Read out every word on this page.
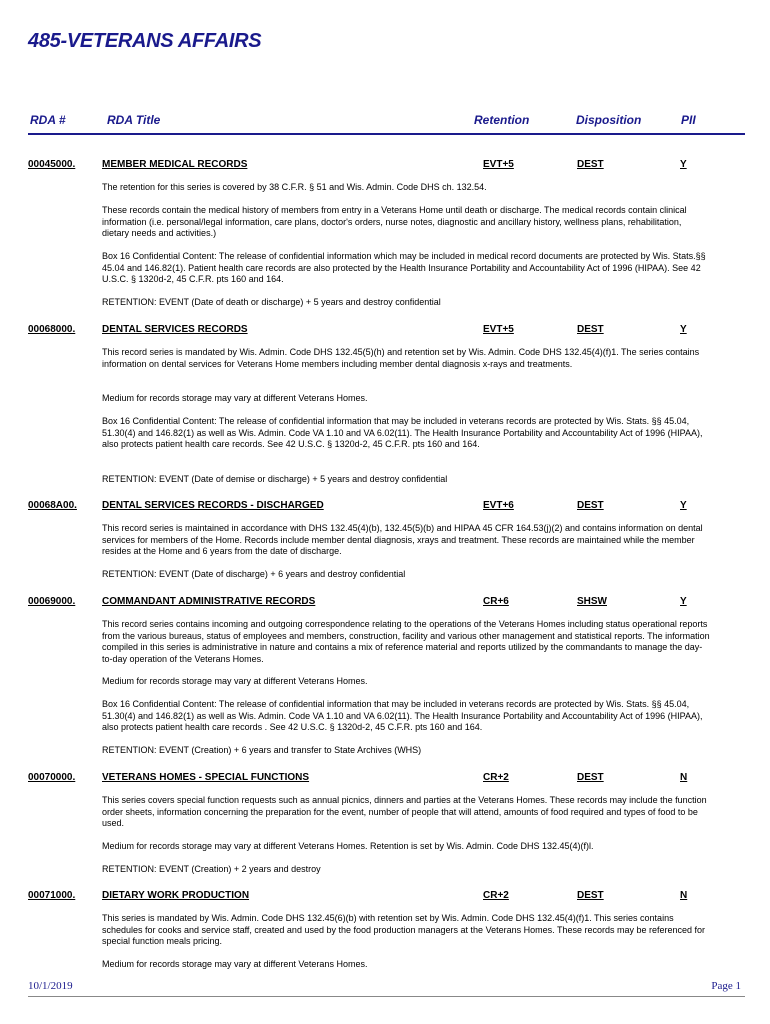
485-VETERANS AFFAIRS
RDA #	RDA Title	Retention	Disposition	PII
00045000.	MEMBER MEDICAL RECORDS	EVT+5	DEST	Y
The retention for this series is covered by 38 C.F.R. § 51 and Wis. Admin. Code DHS ch. 132.54.
These records contain the medical history of members from entry in a Veterans Home until death or discharge. The medical records contain clinical information (i.e. personal/legal information, care plans, doctor's orders, nurse notes, diagnostic and ancillary history, wellness plans, rehabilitation, dietary needs and activities.)
Box 16 Confidential Content: The release of confidential information which may be included in medical record documents are protected by Wis. Stats.§§ 45.04 and 146.82(1). Patient health care records are also protected by the Health Insurance Portability and Accountability Act of 1996 (HIPAA). See 42 U.S.C. § 1320d-2, 45 C.F.R. pts 160 and 164.
RETENTION: EVENT (Date of death or discharge) + 5 years and destroy confidential
00068000.	DENTAL SERVICES RECORDS	EVT+5	DEST	Y
This record series is mandated by Wis. Admin. Code DHS 132.45(5)(h) and retention set by Wis. Admin. Code DHS 132.45(4)(f)1. The series contains information on dental services for Veterans Home members including member dental diagnosis x-rays and treatments.
Medium for records storage may vary at different Veterans Homes.
Box 16 Confidential Content: The release of confidential information that may be included in veterans records are protected by Wis. Stats. §§ 45.04, 51.30(4) and 146.82(1) as well as Wis. Admin. Code VA 1.10 and VA 6.02(11). The Health Insurance Portability and Accountability Act of 1996 (HIPAA), also protects patient health care records. See 42 U.S.C. § 1320d-2, 45 C.F.R. pts 160 and 164.
RETENTION: EVENT (Date of demise or discharge) + 5 years and destroy confidential
00068A00.	DENTAL SERVICES RECORDS - DISCHARGED	EVT+6	DEST	Y
This record series is maintained in accordance with DHS 132.45(4)(b), 132.45(5)(b) and HIPAA 45 CFR 164.53(j)(2) and contains information on dental services for members of the Home. Records include member dental diagnosis, xrays and treatment. These records are maintained while the member resides at the Home and 6 years from the date of discharge.
RETENTION: EVENT (Date of discharge) + 6 years and destroy confidential
00069000.	COMMANDANT ADMINISTRATIVE RECORDS	CR+6	SHSW	Y
This record series contains incoming and outgoing correspondence relating to the operations of the Veterans Homes including status operational reports from the various bureaus, status of employees and members, construction, facility and various other management and statistical reports. The information compiled in this series is administrative in nature and contains a mix of reference material and reports utilized by the commandants to manage the day-to-day operation of the Veterans Homes.
Medium for records storage may vary at different Veterans Homes.
Box 16 Confidential Content: The release of confidential information that may be included in veterans records are protected by Wis. Stats. §§ 45.04, 51.30(4) and 146.82(1) as well as Wis. Admin. Code VA 1.10 and VA 6.02(11). The Health Insurance Portability and Accountability Act of 1996 (HIPAA), also protects patient health care records . See 42 U.S.C. § 1320d-2, 45 C.F.R. pts 160 and 164.
RETENTION: EVENT (Creation) + 6 years and transfer to State Archives (WHS)
00070000.	VETERANS HOMES - SPECIAL FUNCTIONS	CR+2	DEST	N
This series covers special function requests such as annual picnics, dinners and parties at the Veterans Homes. These records may include the function order sheets, information concerning the preparation for the event, number of people that will attend, amounts of food required and types of food to be used.
Medium for records storage may vary at different Veterans Homes. Retention is set by Wis. Admin. Code DHS 132.45(4)(f)l.
RETENTION: EVENT (Creation) + 2 years and destroy
00071000.	DIETARY WORK PRODUCTION	CR+2	DEST	N
This series is mandated by Wis. Admin. Code DHS 132.45(6)(b) with retention set by Wis. Admin. Code DHS 132.45(4)(f)1. This series contains schedules for cooks and service staff, created and used by the food production managers at the Veterans Homes. These records may be referenced for special function meals pricing.
Medium for records storage may vary at different Veterans Homes.
10/1/2019	Page 1
